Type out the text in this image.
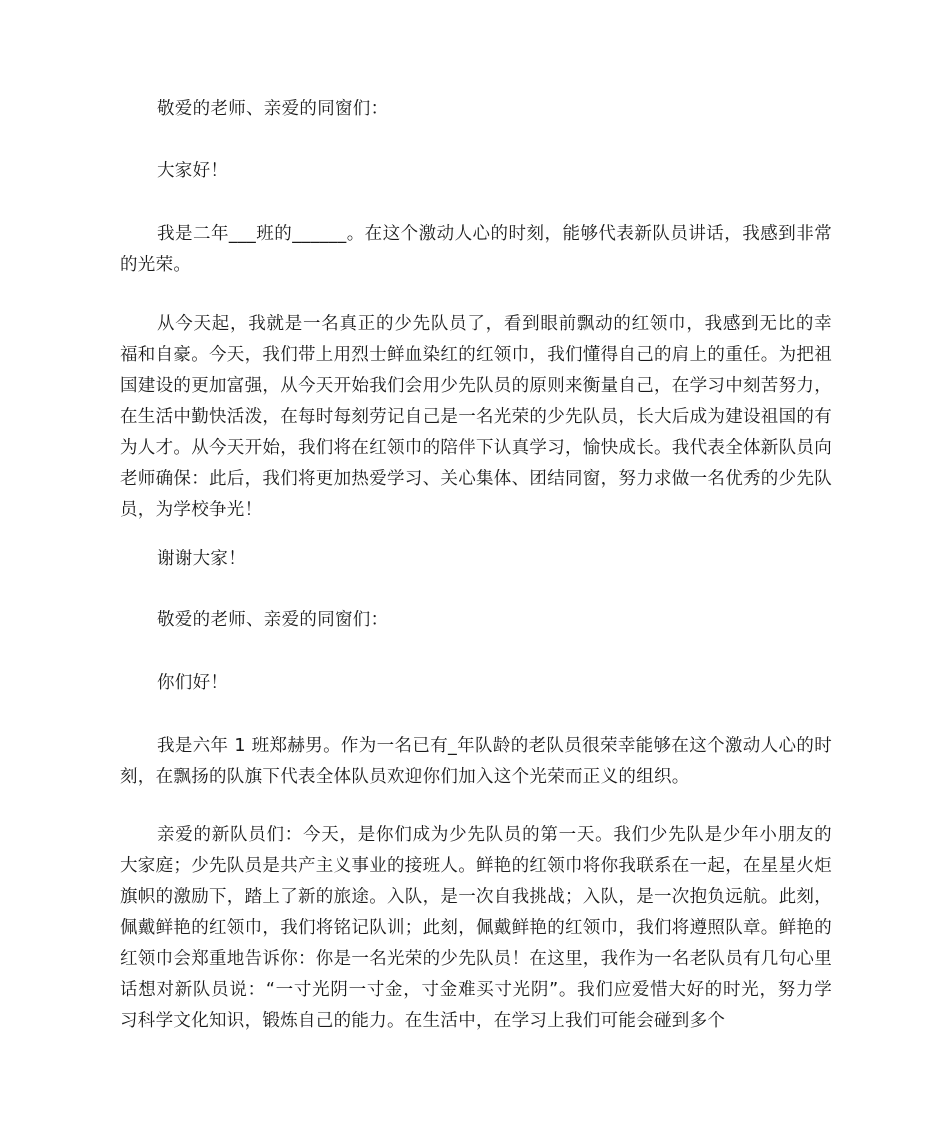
敬爱的老师、亲爱的同窗们：

大家好！

我是二年___班的______。在这个激动人心的时刻，能够代表新队员讲话，我感到非常的光荣。

从今天起，我就是一名真正的少先队员了，看到眼前飘动的红领巾，我感到无比的幸福和自豪。今天，我们带上用烈士鲜血染红的红领巾，我们懂得自己的肩上的重任。为把祖国建设的更加富强，从今天开始我们会用少先队员的原则来衡量自己，在学习中刻苦努力，在生活中勤快活泼，在每时每刻劳记自己是一名光荣的少先队员，长大后成为建设祖国的有为人才。从今天开始，我们将在红领巾的陪伴下认真学习，愉快成长。我代表全体新队员向老师确保：此后，我们将更加热爱学习、关心集体、团结同窗，努力求做一名优秀的少先队员，为学校争光！

谢谢大家！

敬爱的老师、亲爱的同窗们：

你们好！

我是六年 1 班郑赫男。作为一名已有_年队龄的老队员很荣幸能够在这个激动人心的时刻，在飘扬的队旗下代表全体队员欢迎你们加入这个光荣而正义的组织。

亲爱的新队员们：今天，是你们成为少先队员的第一天。我们少先队是少年小朋友的大家庭；少先队员是共产主义事业的接班人。鲜艳的红领巾将你我联系在一起，在星星火炬旗帜的激励下，踏上了新的旅途。入队，是一次自我挑战；入队，是一次抱负远航。此刻，佩戴鲜艳的红领巾，我们将铭记队训；此刻，佩戴鲜艳的红领巾，我们将遵照队章。鲜艳的红领巾会郑重地告诉你：你是一名光荣的少先队员！在这里，我作为一名老队员有几句心里话想对新队员说：“一寸光阴一寸金，寸金难买寸光阴”。我们应爱惜大好的时光，努力学习科学文化知识，锻炼自己的能力。在生活中，在学习上我们可能会碰到多个
